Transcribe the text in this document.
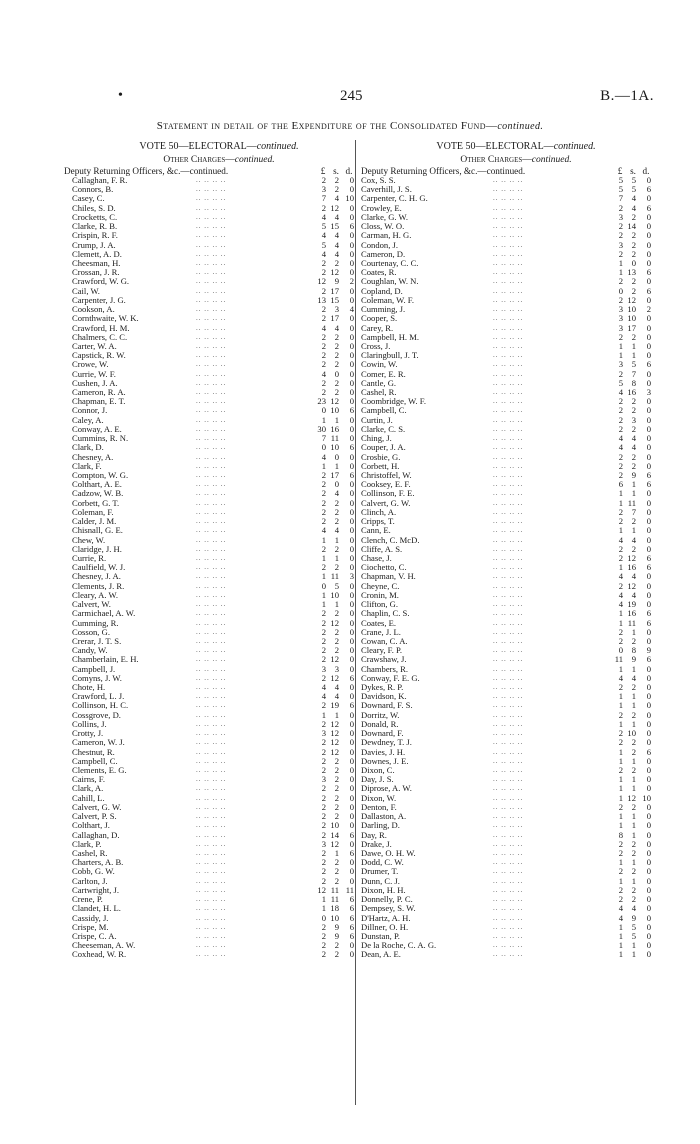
•	245	B.—1A.
Statement in detail of the Expenditure of the Consolidated Fund—continued.
VOTE 50—ELECTORAL—continued.
Other Charges—continued.
Deputy Returning Officers, &c.—continued.	£ s. d.
Callaghan, F. R.	.. .. .. ..	2	2	0
Connors, B.	.. .. .. ..	3	2	0
Casey, C.	.. .. .. ..	7	4 10
Chiles, S. D.	.. .. .. ..	2 12	0
Crocketts, C.	.. .. .. ..	4	4	0
Clarke, R. B.	.. .. .. ..	5 15	6
Crispin, R. F.	.. .. .. ..	4	4	0
Crump, J. A.	.. .. .. ..	5	4	0
Clemett, A. D.	.. .. .. ..	4	4	0
Cheesman, H.	.. .. .. ..	2	2	0
Crossan, J. R.	.. .. .. ..	2 12	0
Crawford, W. G.	.. .. .. ..	12	9	2
Cail, W.	.. .. .. ..	2 17	0
Carpenter, J. G.	.. .. .. ..	13 15	0
Cookson, A.	.. .. .. ..	2	3	4
Cornthwaite, W. K.	.. .. .. ..	2 17	0
Crawford, H. M.	.. .. .. ..	4	4	0
Chalmers, C. C.	.. .. .. ..	2	2	0
Carter, W. A.	.. .. .. ..	2	2	0
Capstick, R. W.	.. .. .. ..	2	2	0
Crowe, W.	.. .. .. ..	2	2	0
Currie, W. F.	.. .. .. ..	4	0	0
Cushen, J. A.	.. .. .. ..	2	2	0
Cameron, R. A.	.. .. .. ..	2	2	0
Chapman, E. T.	.. .. .. ..	23 12	0
Connor, J.	.. .. .. ..	0 10	6
Caley, A.	.. .. .. ..	1	1	0
Conway, A. E.	.. .. .. ..	30 16	0
Cummins, R. N.	.. .. .. ..	7 11	0
Clark, D.	.. .. .. ..	0 10	6
Chesney, A.	.. .. .. ..	4	0	0
Clark, F.	.. .. .. ..	1	1	0
Compton, W. G.	.. .. .. ..	2 17	6
Colthart, A. E.	.. .. .. ..	2	0	0
Cadzow, W. B.	.. .. .. ..	2	4	0
Corbett, G. T.	.. .. .. ..	2	2	0
Coleman, F.	.. .. .. ..	2	2	0
Calder, J. M.	.. .. .. ..	2	2	0
Chisnall, G. E.	.. .. .. ..	4	4	0
Chew, W.	.. .. .. ..	1	1	0
Claridge, J. H.	.. .. .. ..	2	2	0
Currie, R.	.. .. .. ..	1	1	0
Caulfield, W. J.	.. .. .. ..	2	2	0
Chesney, J. A.	.. .. .. ..	1 11	3
Clements, J. R.	.. .. .. ..	0	5	0
Cleary, A. W.	.. .. .. ..	1 10	0
Calvert, W.	.. .. .. ..	1	1	0
Carmichael, A. W.	.. .. .. ..	2	2	0
Cumming, R.	.. .. .. ..	2 12	0
Cosson, G.	.. .. .. ..	2	2	0
Crerar, J. T. S.	.. .. .. ..	2	2	0
Candy, W.	.. .. .. ..	2	2	0
Chamberlain, E. H.	.. .. .. ..	2 12	0
Campbell, J.	.. .. .. ..	3	3	0
Comyns, J. W.	.. .. .. ..	2 12	6
Chote, H.	.. .. .. ..	4	4	0
Crawford, L. J.	.. .. .. ..	4	4	0
Collinson, H. C.	.. .. .. ..	2 19	6
Cossgrove, D.	.. .. .. ..	1	1	0
Collins, J.	.. .. .. ..	2 12	0
Crotty, J.	.. .. .. ..	3 12	0
Cameron, W. J.	.. .. .. ..	2 12	0
Chestnut, R.	.. .. .. ..	2 12	0
Campbell, C.	.. .. .. ..	2	2	0
Clements, E. G.	.. .. .. ..	2	2	0
Cairns, F.	.. .. .. ..	3	2	0
Clark, A.	.. .. .. ..	2	2	0
Cahill, L.	.. .. .. ..	2	2	0
Calvert, G. W.	.. .. .. ..	2	2	0
Calvert, P. S.	.. .. .. ..	2	2	0
Colthart, J.	.. .. .. ..	2 10	0
Callaghan, D.	.. .. .. ..	2 14	6
Clark, P.	.. .. .. ..	3 12	0
Cashel, R.	.. .. .. ..	2	1	6
Charters, A. B.	.. .. .. ..	2	2	0
Cobb, G. W.	.. .. .. ..	2	2	0
Carlton, J.	.. .. .. ..	2	2	0
Cartwright, J.	.. .. .. ..	12 11 11
Crene, P.	.. .. .. ..	1 11	6
Clandet, H. L.	.. .. .. ..	1 18	6
Cassidy, J.	.. .. .. ..	0 10	6
Crispe, M.	.. .. .. ..	2	9	6
Crispe, C. A.	.. .. .. ..	2	9	6
Cheeseman, A. W.	.. .. .. ..	2	2	0
Coxhead, W. R.	.. .. .. ..	2	2	0
VOTE 50—ELECTORAL—continued.
Other Charges—continued.
Deputy Returning Officers, &c.—continued.	£ s. d.
Cox, S. S.	.. .. .. ..	5	5	0
Caverhill, J. S.	.. .. .. ..	5	5	6
Carpenter, C. H. G.	.. .. .. ..	7	4	0
Crowley, E.	.. .. .. ..	2	4	6
Clarke, G. W.	.. .. .. ..	3	2	0
Closs, W. O.	.. .. .. ..	2 14	0
Carman, H. G.	.. .. .. ..	2	2	0
Condon, J.	.. .. .. ..	3	2	0
Cameron, D.	.. .. .. ..	2	2	0
Courtenay, C. C.	.. .. .. ..	1	0	0
Coates, R.	.. .. .. ..	1 13	6
Coughlan, W. N.	.. .. .. ..	2	2	0
Copland, D.	.. .. .. ..	0	2	6
Coleman, W. F.	.. .. .. ..	2 12	0
Cumming, J.	.. .. .. ..	3 10	2
Cooper, S.	.. .. .. ..	3 10	0
Carey, R.	.. .. .. ..	3 17	0
Campbell, H. M.	.. .. .. ..	2	2	0
Cross, J.	.. .. .. ..	1	1	0
Claringbull, J. T.	.. .. .. ..	1	1	0
Cowin, W.	.. .. .. ..	3	5	6
Comer, E. R.	.. .. .. ..	2	7	0
Cantle, G.	.. .. .. ..	5	8	0
Cashel, R.	.. .. .. ..	4 16	3
Coombridge, W. F.	.. .. .. ..	2	2	0
Campbell, C.	.. .. .. ..	2	2	0
Curtin, J.	.. .. .. ..	2	3	0
Clarke, C. S.	.. .. .. ..	2	2	0
Ching, J.	.. .. .. ..	4	4	0
Couper, J. A.	.. .. .. ..	4	4	0
Crosbie, G.	.. .. .. ..	2	2	0
Corbett, H.	.. .. .. ..	2	2	0
Christoffel, W.	.. .. .. ..	2	9	6
Cooksey, E. F.	.. .. .. ..	6	1	6
Collinson, F. E.	.. .. .. ..	1	1	0
Calvert, G. W.	.. .. .. ..	1 11	0
Clinch, A.	.. .. .. ..	2	7	0
Cripps, T.	.. .. .. ..	2	2	0
Cann, E.	.. .. .. ..	1	1	0
Clench, C. McD.	.. .. .. ..	4	4	0
Cliffe, A. S.	.. .. .. ..	2	2	0
Chase, J.	.. .. .. ..	2 12	6
Ciochetto, C.	.. .. .. ..	1 16	6
Chapman, V. H.	.. .. .. ..	4	4	0
Cheyne, C.	.. .. .. ..	2 12	0
Cronin, M.	.. .. .. ..	4	4	0
Clifton, G.	.. .. .. ..	4 19	0
Chaplin, C. S.	.. .. .. ..	1 16	6
Coates, E.	.. .. .. ..	1 11	6
Crane, J. L.	.. .. .. ..	2	1	0
Cowan, C. A.	.. .. .. ..	2	2	0
Cleary, F. P.	.. .. .. ..	0	8	9
Crawshaw, J.	.. .. .. ..	11	9	6
Chambers, R.	.. .. .. ..	1	1	0
Conway, F. E. G.	.. .. .. ..	4	4	0
Dykes, R. P.	.. .. .. ..	2	2	0
Davidson, K.	.. .. .. ..	1	1	0
Downard, F. S.	.. .. .. ..	1	1	0
Dorritz, W.	.. .. .. ..	2	2	0
Donald, R.	.. .. .. ..	1	1	0
Downard, F.	.. .. .. ..	2 10	0
Dewdney, T. J.	.. .. .. ..	2	2	0
Davies, J. H.	.. .. .. ..	1	2	6
Downes, J. E.	.. .. .. ..	1	1	0
Dixon, C.	.. .. .. ..	2	2	0
Day, J. S.	.. .. .. ..	1	1	0
Diprose, A. W.	.. .. .. ..	1	1	0
Dixon, W.	.. .. .. ..	1 12 10
Denton, F.	.. .. .. ..	2	2	0
Dallaston, A.	.. .. .. ..	1	1	0
Darling, D.	.. .. .. ..	1	1	0
Day, R.	.. .. .. ..	8	1	0
Drake, J.	.. .. .. ..	2	2	0
Dawe, O. H. W.	.. .. .. ..	2	2	0
Dodd, C. W.	.. .. .. ..	1	1	0
Drumer, T.	.. .. .. ..	2	2	0
Dunn, C. J.	.. .. .. ..	1	1	0
Dixon, H. H.	.. .. .. ..	2	2	0
Donnelly, P. C.	.. .. .. ..	2	2	0
Dempsey, S. W.	.. .. .. ..	4	4	0
D'Hartz, A. H.	.. .. .. ..	4	9	0
Dillner, O. H.	.. .. .. ..	1	5	0
Dunstan, P.	.. .. .. ..	1	5	0
De la Roche, C. A. G.	.. .. .. ..	1	1	0
Dean, A. E.	.. .. .. ..	1	1	0
